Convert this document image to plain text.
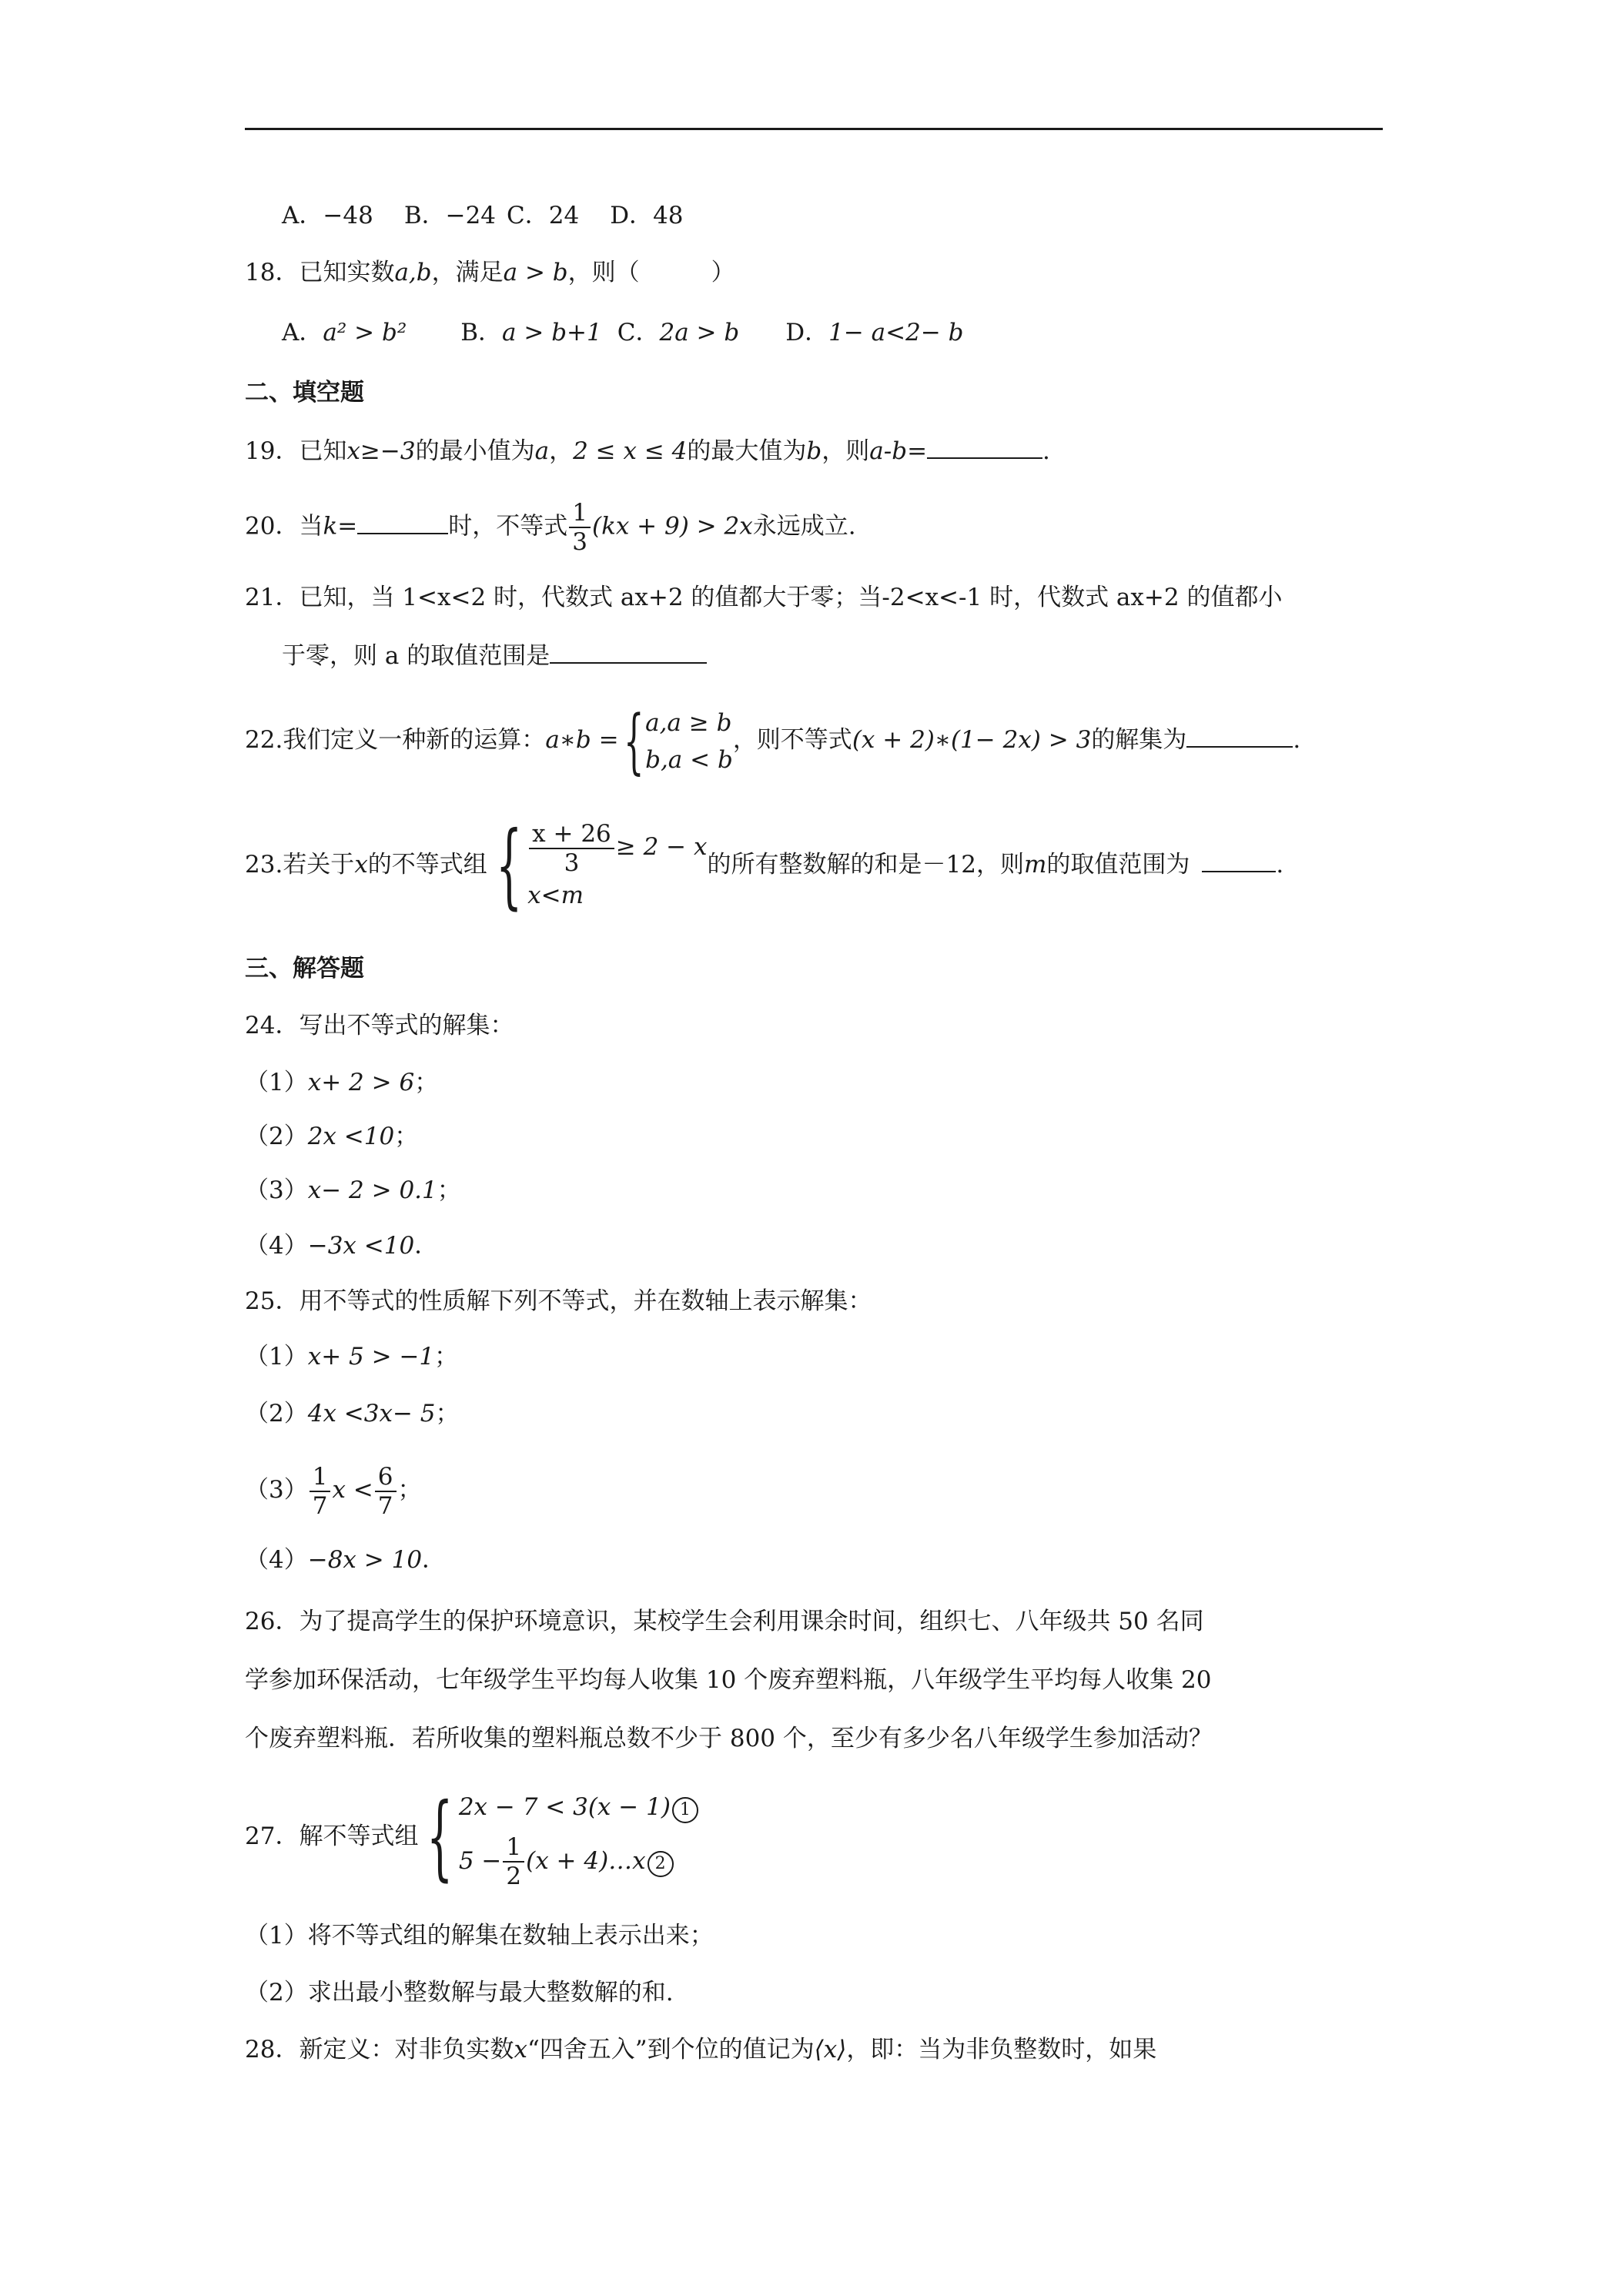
A．−48 B．−24 C．24 D．48
18．已知实数a,b，满足a > b，则（　　　）
A．a² > b² B．a > b+1 C．2a > b D．1− a<2− b
二、填空题
19．已知x≥−3的最小值为a，2 ≤ x ≤ 4的最大值为b，则a-b=	.
20．当k=	时，不等式 $\frac{1}{3} (kx + 9) > 2x$永远成立.
21．已知，当 1<x<2 时，代数式 ax+2 的值都大于零；当-2<x<-1 时，代数式 ax+2 的值都小
于零，则 a 的取值范围是
22.我们定义一种新的运算：a∗b = { a,a ≥ b
b,a < b
，则不等式(x + 2)∗(1− 2x) > 3的解集为	.
23.若关于x的不等式组 { $\frac{x + 26}{3} \ge 2 - x$
x<m
的所有整数解的和是－12，则m的取值范围为	.
三、解答题
24．写出不等式的解集：
（1）x+ 2 > 6；
（2）2x <10；
（3）x− 2 > 0.1；
（4）−3x <10．
25．用不等式的性质解下列不等式，并在数轴上表示解集：
（1）x+ 5 > −1；
（2）4x <3x− 5；
$(3) \frac{1}{7}$ $x < \frac{6}{7}$ ；
（4）−8x > 10．
26．为了提高学生的保护环境意识，某校学生会利用课余时间，组织七、八年级共 50 名同
学参加环保活动，七年级学生平均每人收集 10 个废弃塑料瓶，八年级学生平均每人收集 20
个废弃塑料瓶．若所收集的塑料瓶总数不少于 800 个，至少有多少名八年级学生参加活动？
27．解不等式组 { 2x − 7 < 3(x − 1) 1
$5 - \frac{1}{2} (x$ + 4)…x 2
（1）将不等式组的解集在数轴上表示出来；
（2）求出最小整数解与最大整数解的和.
28．新定义：对非负实数x“四舍五入”到个位的值记为⟨x⟩，即：当为非负整数时，如果
